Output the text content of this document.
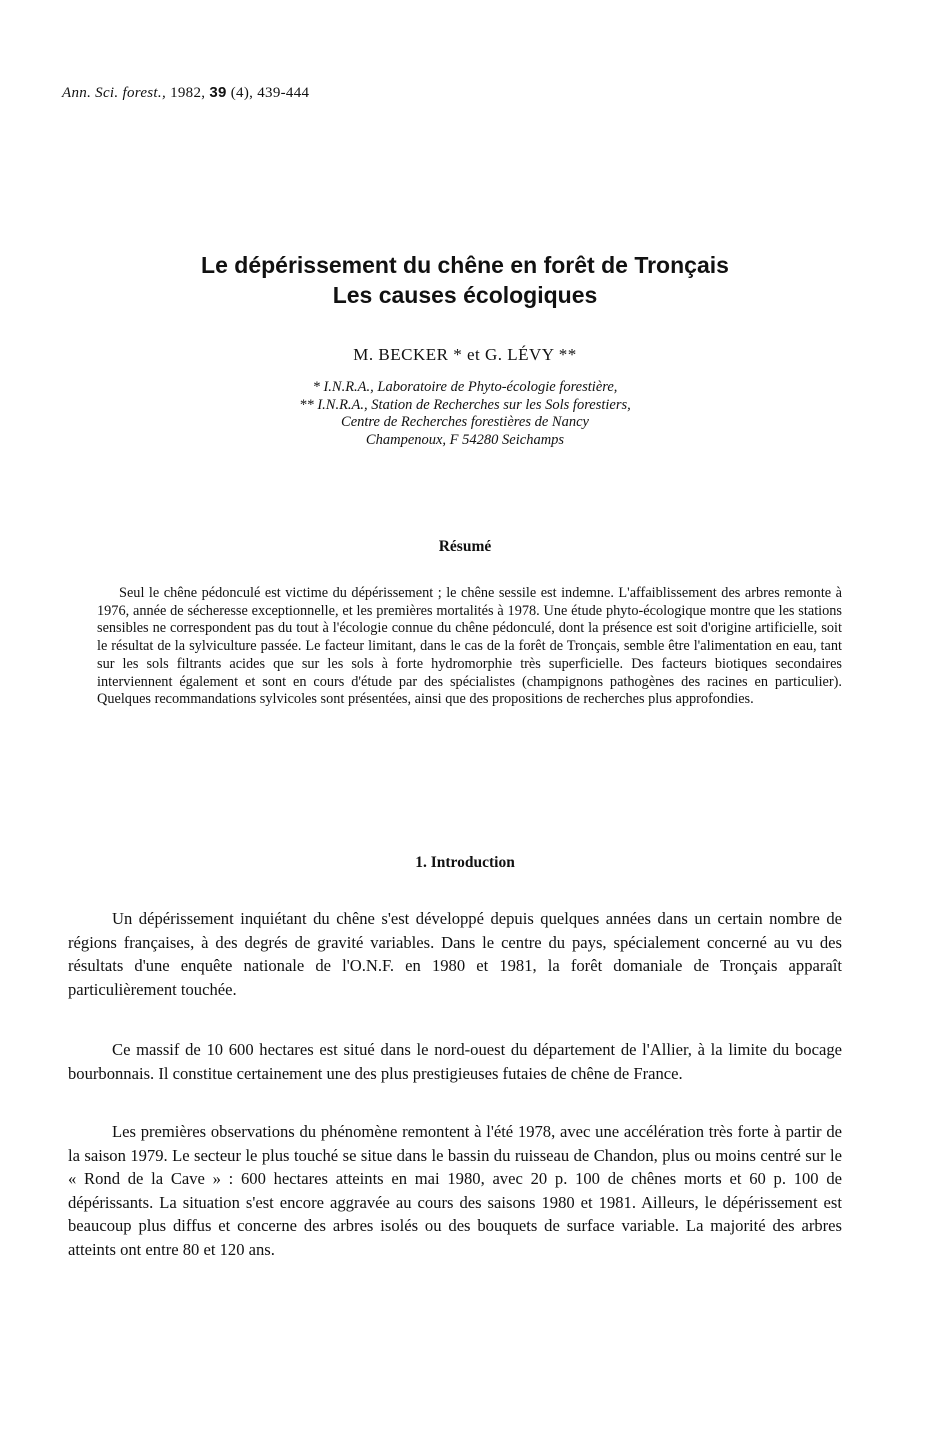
Ann. Sci. forest., 1982, 39 (4), 439-444
Le dépérissement du chêne en forêt de Tronçais
Les causes écologiques
M. BECKER * et G. LÉVY **
* I.N.R.A., Laboratoire de Phyto-écologie forestière,
** I.N.R.A., Station de Recherches sur les Sols forestiers,
Centre de Recherches forestières de Nancy
Champenoux, F 54280 Seichamps
Résumé

Seul le chêne pédonculé est victime du dépérissement ; le chêne sessile est indemne. L'affaiblissement des arbres remonte à 1976, année de sécheresse exceptionnelle, et les premières mortalités à 1978. Une étude phyto-écologique montre que les stations sensibles ne correspondent pas du tout à l'écologie connue du chêne pédonculé, dont la présence est soit d'origine artificielle, soit le résultat de la sylviculture passée. Le facteur limitant, dans le cas de la forêt de Tronçais, semble être l'alimentation en eau, tant sur les sols filtrants acides que sur les sols à forte hydromorphie très superficielle. Des facteurs biotiques secondaires interviennent également et sont en cours d'étude par des spécialistes (champignons pathogènes des racines en particulier). Quelques recommandations sylvicoles sont présentées, ainsi que des propositions de recherches plus approfondies.

1. Introduction

Un dépérissement inquiétant du chêne s'est développé depuis quelques années dans un certain nombre de régions françaises, à des degrés de gravité variables. Dans le centre du pays, spécialement concerné au vu des résultats d'une enquête nationale de l'O.N.F. en 1980 et 1981, la forêt domaniale de Tronçais apparaît particulièrement touchée.

Ce massif de 10 600 hectares est situé dans le nord-ouest du département de l'Allier, à la limite du bocage bourbonnais. Il constitue certainement une des plus prestigieuses futaies de chêne de France.

Les premières observations du phénomène remontent à l'été 1978, avec une accélération très forte à partir de la saison 1979. Le secteur le plus touché se situe dans le bassin du ruisseau de Chandon, plus ou moins centré sur le « Rond de la Cave » : 600 hectares atteints en mai 1980, avec 20 p. 100 de chênes morts et 60 p. 100 de dépérissants. La situation s'est encore aggravée au cours des saisons 1980 et 1981. Ailleurs, le dépérissement est beaucoup plus diffus et concerne des arbres isolés ou des bouquets de surface variable. La majorité des arbres atteints ont entre 80 et 120 ans.
